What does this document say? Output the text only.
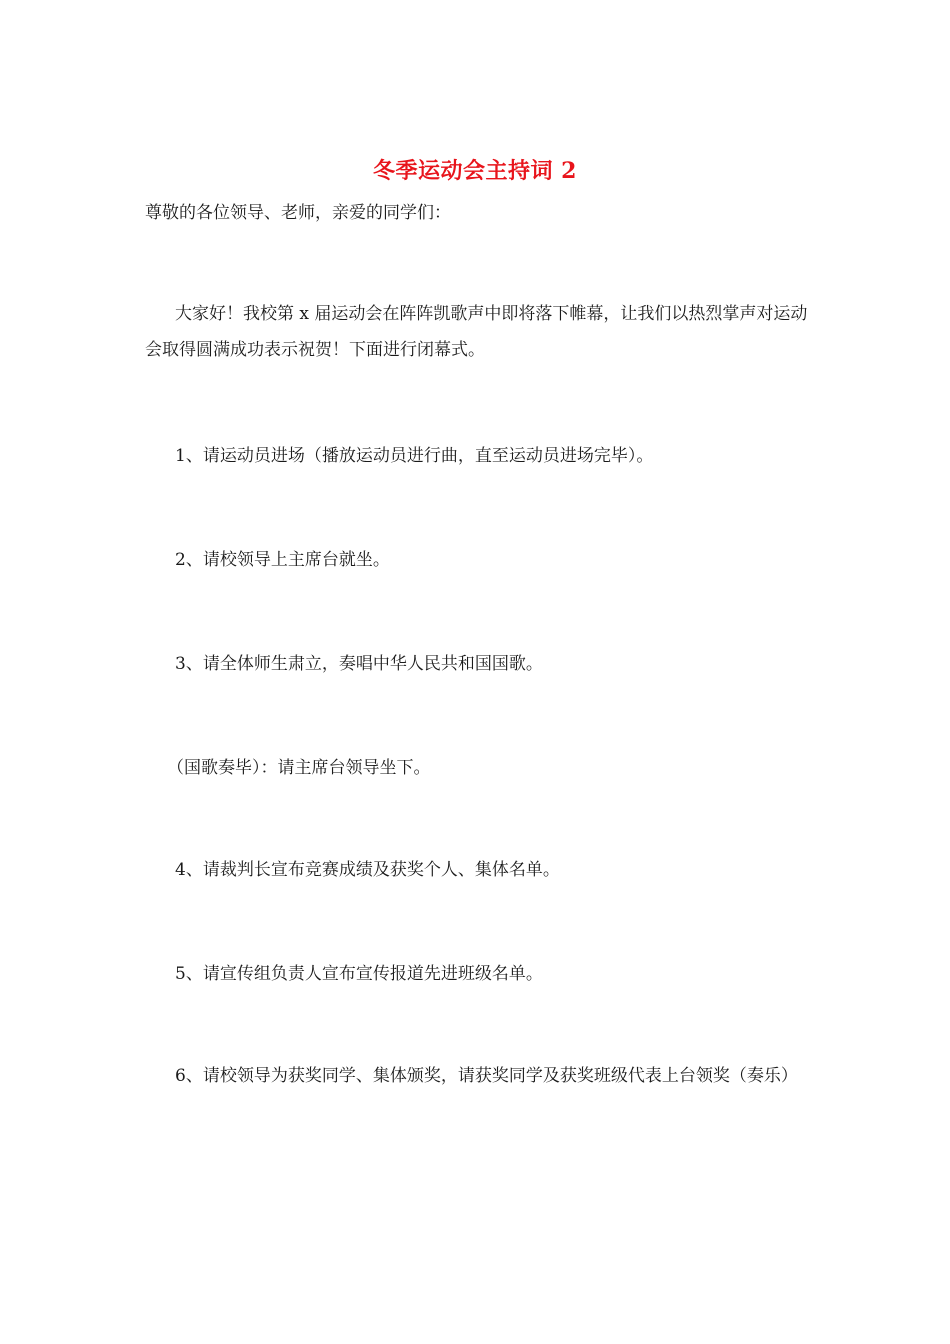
冬季运动会主持词 2
尊敬的各位领导、老师，亲爱的同学们：
大家好！我校第 x 届运动会在阵阵凯歌声中即将落下帷幕，让我们以热烈掌声对运动会取得圆满成功表示祝贺！下面进行闭幕式。
1、请运动员进场（播放运动员进行曲，直至运动员进场完毕）。
2、请校领导上主席台就坐。
3、请全体师生肃立，奏唱中华人民共和国国歌。
（国歌奏毕）：请主席台领导坐下。
4、请裁判长宣布竞赛成绩及获奖个人、集体名单。
5、请宣传组负责人宣布宣传报道先进班级名单。
6、请校领导为获奖同学、集体颁奖，请获奖同学及获奖班级代表上台领奖（奏乐）
